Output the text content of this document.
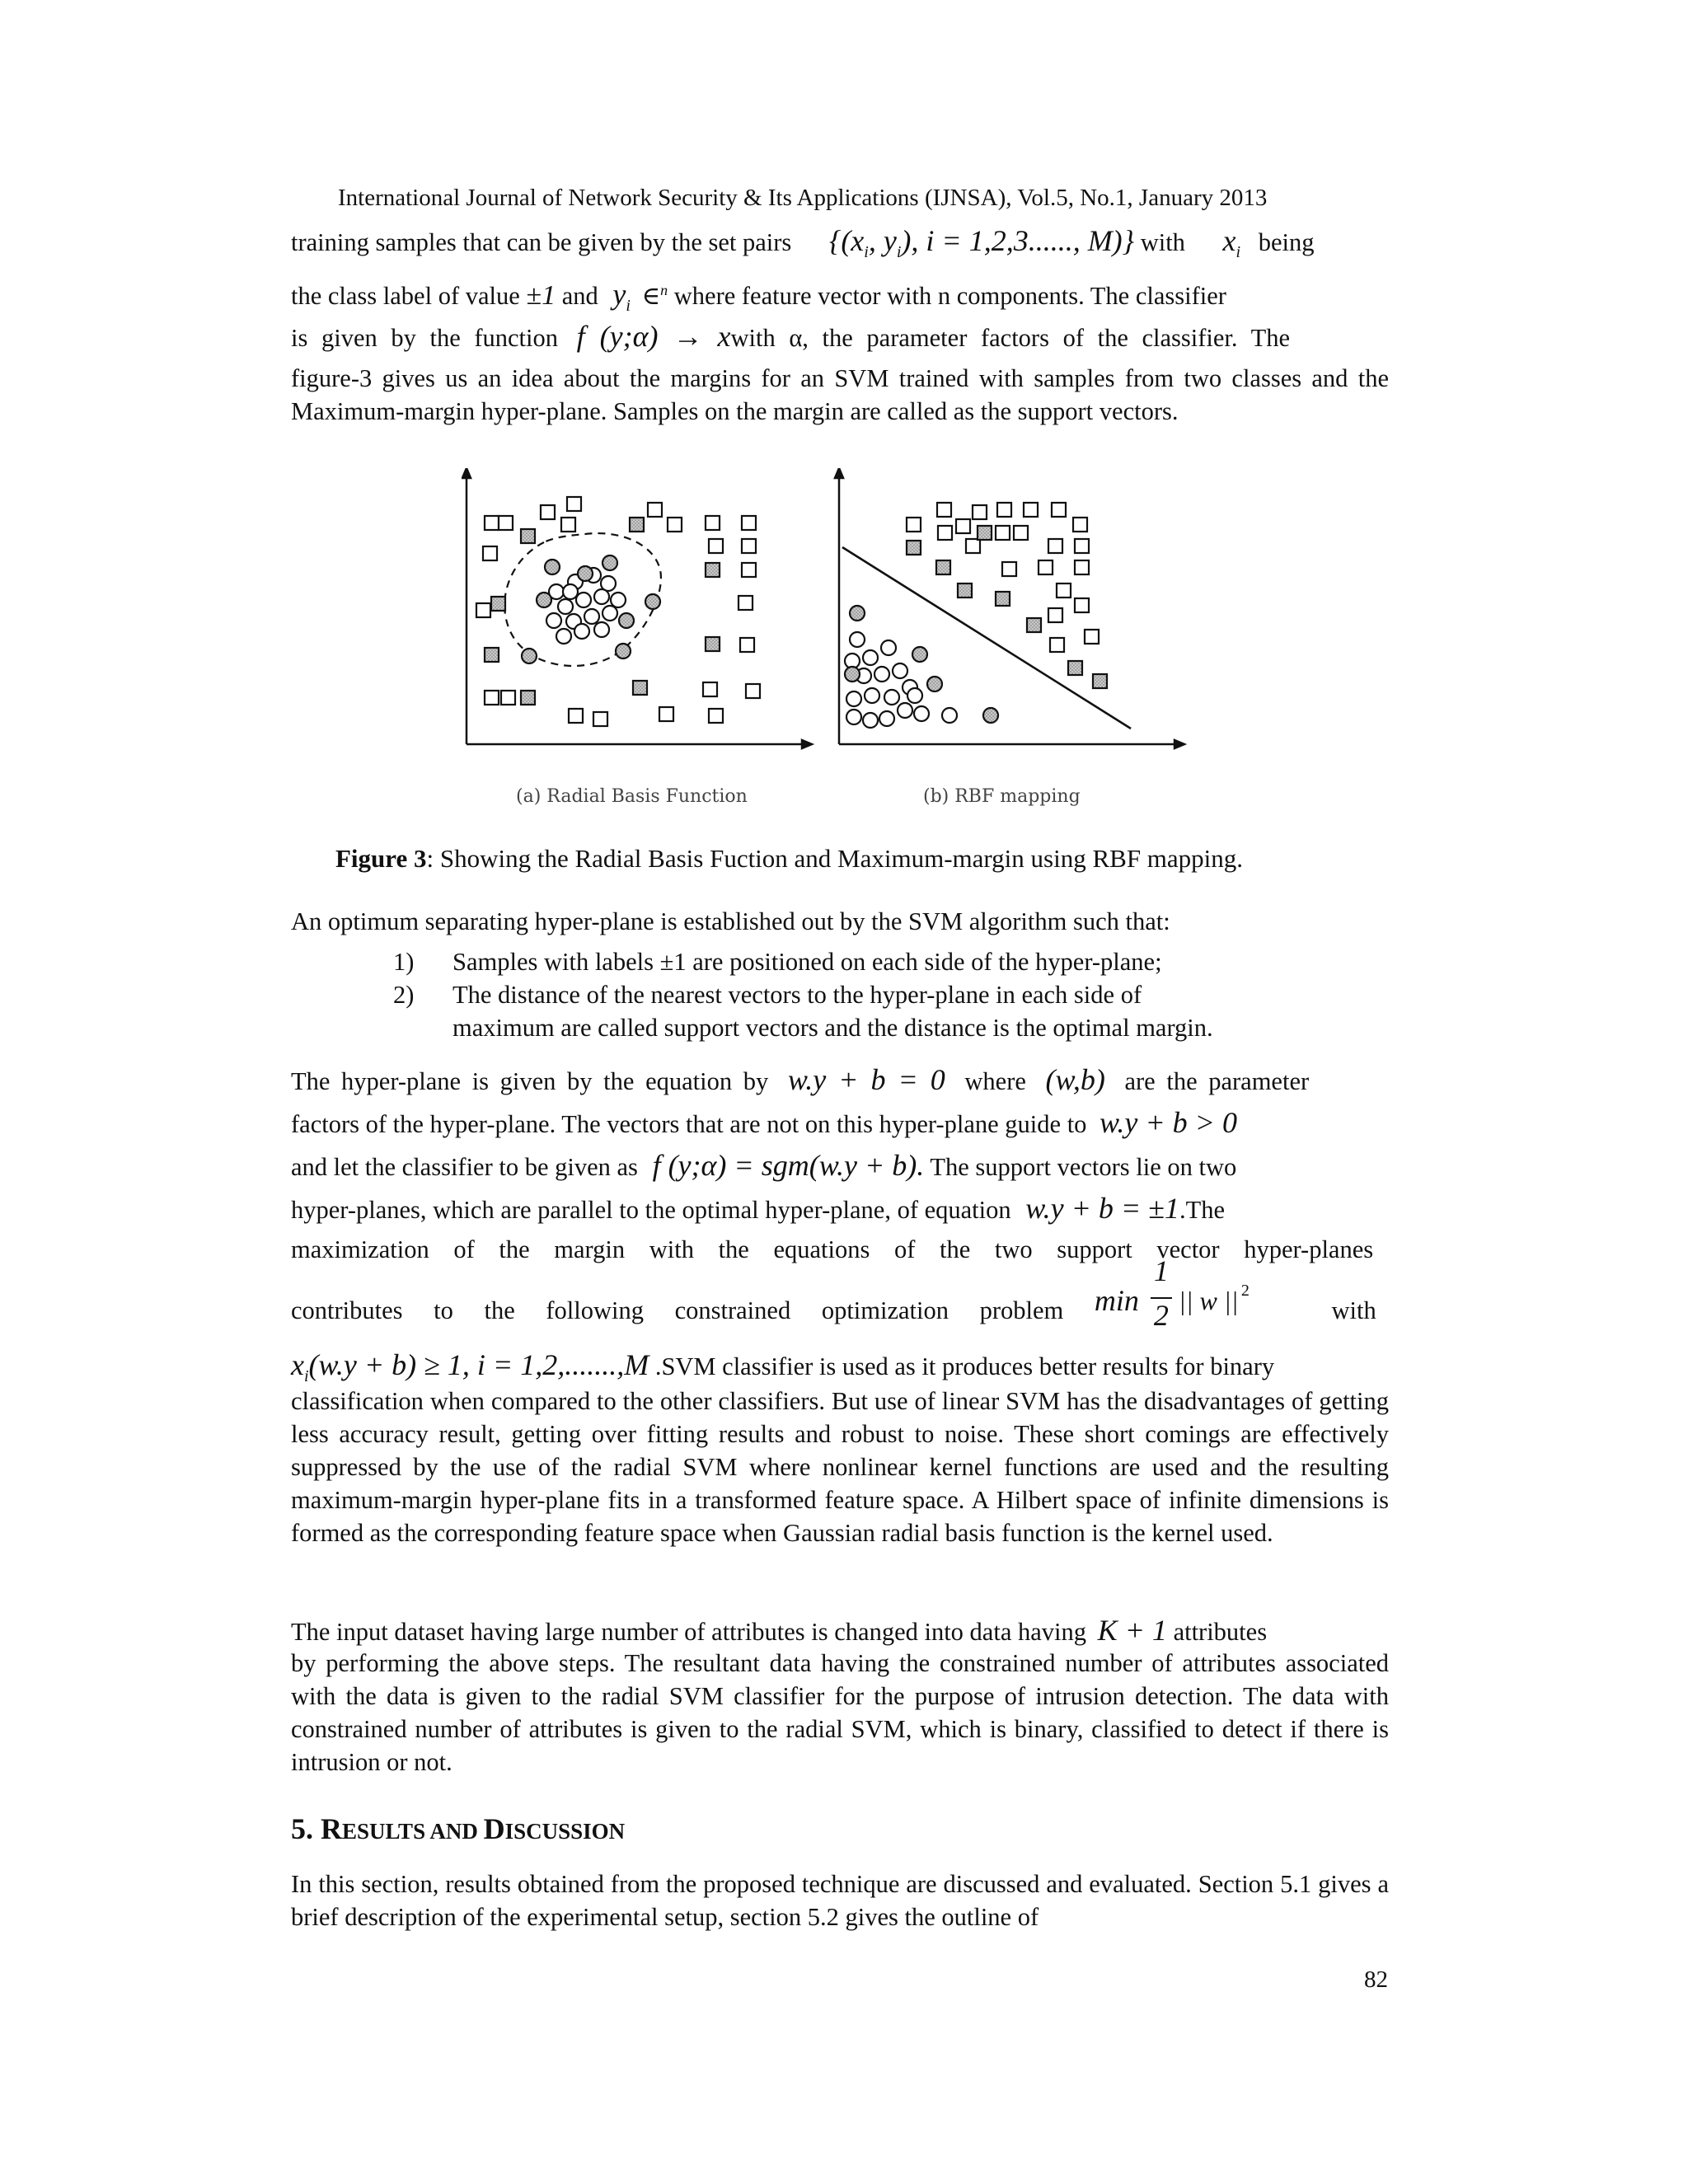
International Journal of Network Security & Its Applications (IJNSA), Vol.5, No.1, January 2013
training samples that can be given by the set pairs {($x_i$, $y_i$), i = 1,2,3......, M)} with $x_i$ being
the class label of value ±1 and $y_i$ ∈$^n$ where feature vector with n components. The classifier
is given by the function f (y;α) → xwith α, the parameter factors of the classifier. The

figure-3 gives us an idea about the margins for an SVM trained with samples from two classes and the Maximum-margin hyper-plane. Samples on the margin are called as the support vectors.

(a) Radial Basis Function	(b) RBF mapping
Figure 3: Showing the Radial Basis Fuction and Maximum-margin using RBF mapping.

An optimum separating hyper-plane is established out by the SVM algorithm such that:

1) Samples with labels ±1 are positioned on each side of the hyper-plane;
2) The distance of the nearest vectors to the hyper-plane in each side of
maximum are called support vectors and the distance is the optimal margin.
The hyper-plane is given by the equation by w.y + b = 0 where (w,b) are the parameter
factors of the hyper-plane. The vectors that are not on this hyper-plane guide to w.y + b > 0
and let the classifier to be given as f (y;α) = sgm(w.y + b). The support vectors lie on two
hyper-planes, which are parallel to the optimal hyper-plane, of equation w.y + b = ±1.The
maximization of the margin with the equations of the two support vector hyper-planes
contributes to the following constrained optimization problem min
1
2 || w || 2
with
$x_i(w.y + b) \ge 1$, i = 1,2,.......,M .SVM classifier is used as it produces better results for binary

classification when compared to the other classifiers. But use of linear SVM has the disadvantages of getting less accuracy result, getting over fitting results and robust to noise. These short comings are effectively suppressed by the use of the radial SVM where nonlinear kernel functions are used and the resulting maximum-margin hyper-plane fits in a transformed feature space. A Hilbert space of infinite dimensions is formed as the corresponding feature space when Gaussian radial basis function is the kernel used.

The input dataset having large number of attributes is changed into data having K + 1 attributes

by performing the above steps. The resultant data having the constrained number of attributes associated with the data is given to the radial SVM classifier for the purpose of intrusion detection. The data with constrained number of attributes is given to the radial SVM, which is binary, classified to detect if there is intrusion or not.

5. RESULTS AND DISCUSSION

In this section, results obtained from the proposed technique are discussed and evaluated. Section 5.1 gives a brief description of the experimental setup, section 5.2 gives the outline of

82
